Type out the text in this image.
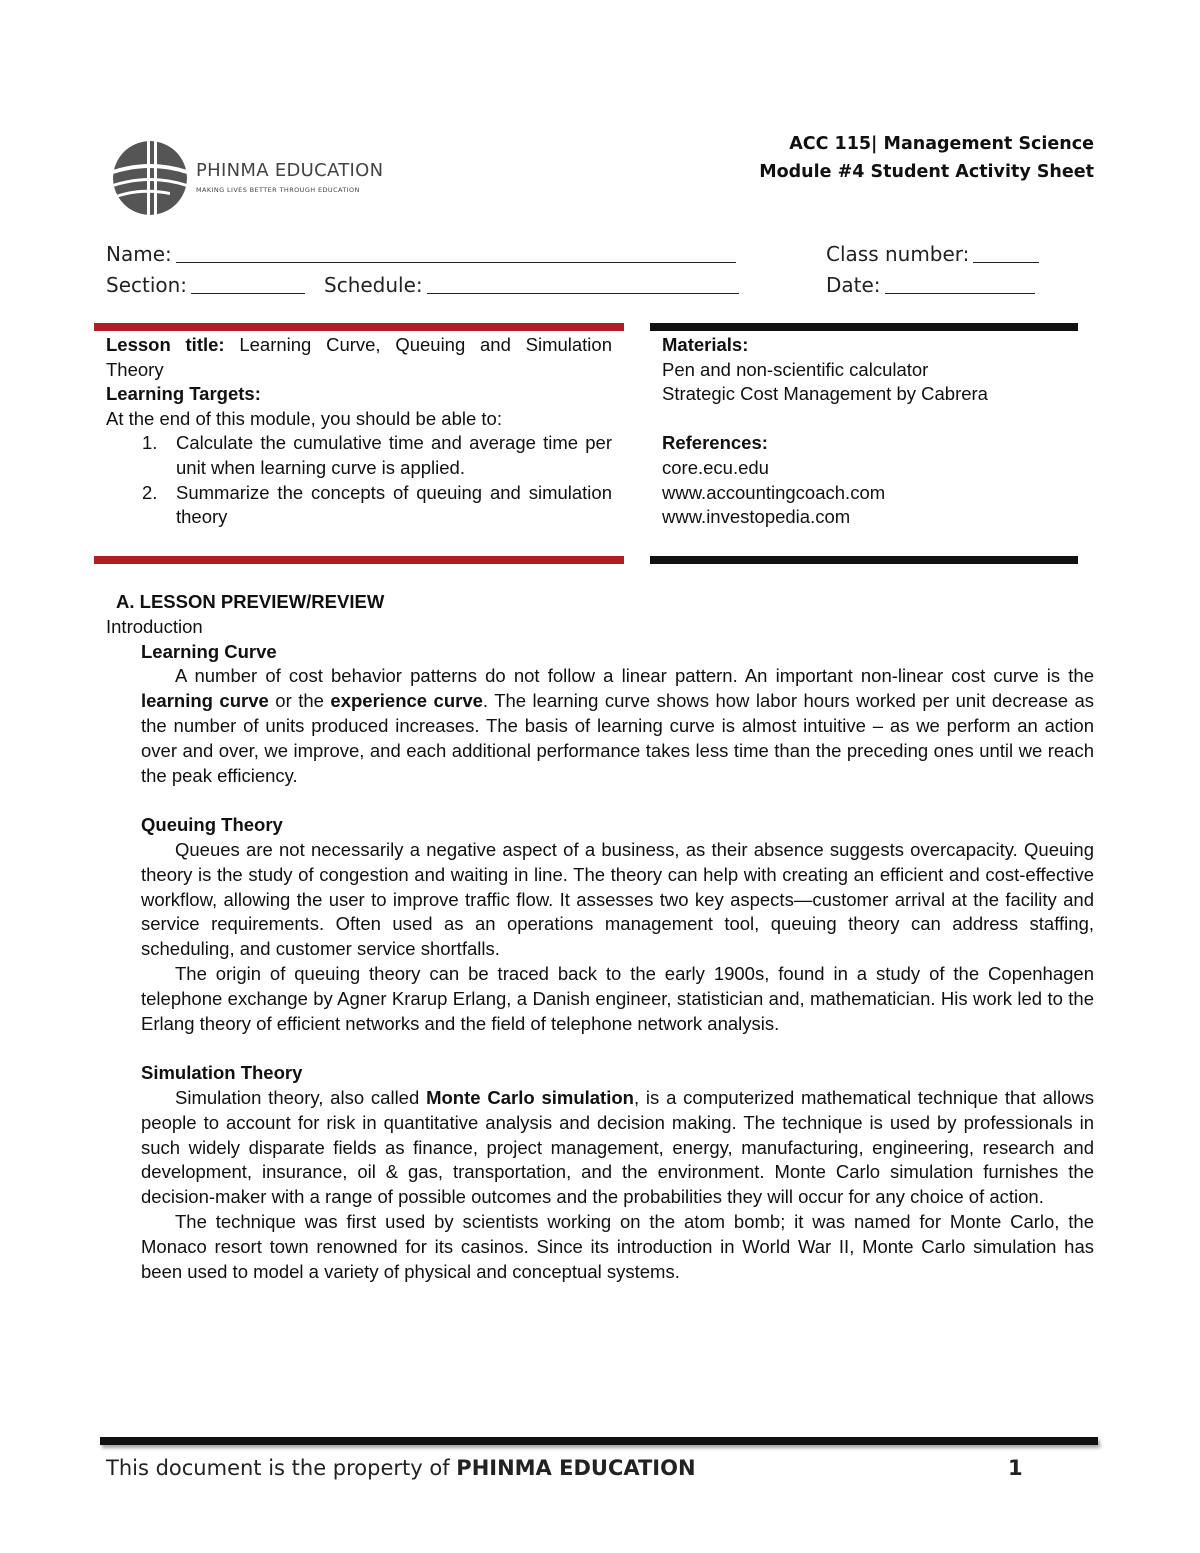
PHINMA EDUCATION
MAKING LIVES BETTER THROUGH EDUCATION
ACC 115| Management Science
Module #4 Student Activity Sheet
Name:	Class number:
Section:	Schedule:	Date:
Lesson title: Learning Curve, Queuing and Simulation Theory
Learning Targets:
At the end of this module, you should be able to:
1. Calculate the cumulative time and average time per unit when learning curve is applied.
2. Summarize the concepts of queuing and simulation theory
Materials:
Pen and non-scientific calculator
Strategic Cost Management by Cabrera
References:
core.ecu.edu
www.accountingcoach.com
www.investopedia.com
A. LESSON PREVIEW/REVIEW
Introduction
Learning Curve
A number of cost behavior patterns do not follow a linear pattern. An important non-linear cost curve is the learning curve or the experience curve. The learning curve shows how labor hours worked per unit decrease as the number of units produced increases. The basis of learning curve is almost intuitive – as we perform an action over and over, we improve, and each additional performance takes less time than the preceding ones until we reach the peak efficiency.
Queuing Theory
Queues are not necessarily a negative aspect of a business, as their absence suggests overcapacity. Queuing theory is the study of congestion and waiting in line. The theory can help with creating an efficient and cost-effective workflow, allowing the user to improve traffic flow. It assesses two key aspects—customer arrival at the facility and service requirements. Often used as an operations management tool, queuing theory can address staffing, scheduling, and customer service shortfalls.
The origin of queuing theory can be traced back to the early 1900s, found in a study of the Copenhagen telephone exchange by Agner Krarup Erlang, a Danish engineer, statistician and, mathematician. His work led to the Erlang theory of efficient networks and the field of telephone network analysis.
Simulation Theory
Simulation theory, also called Monte Carlo simulation, is a computerized mathematical technique that allows people to account for risk in quantitative analysis and decision making. The technique is used by professionals in such widely disparate fields as finance, project management, energy, manufacturing, engineering, research and development, insurance, oil & gas, transportation, and the environment. Monte Carlo simulation furnishes the decision-maker with a range of possible outcomes and the probabilities they will occur for any choice of action.
The technique was first used by scientists working on the atom bomb; it was named for Monte Carlo, the Monaco resort town renowned for its casinos. Since its introduction in World War II, Monte Carlo simulation has been used to model a variety of physical and conceptual systems.
This document is the property of PHINMA EDUCATION	1
